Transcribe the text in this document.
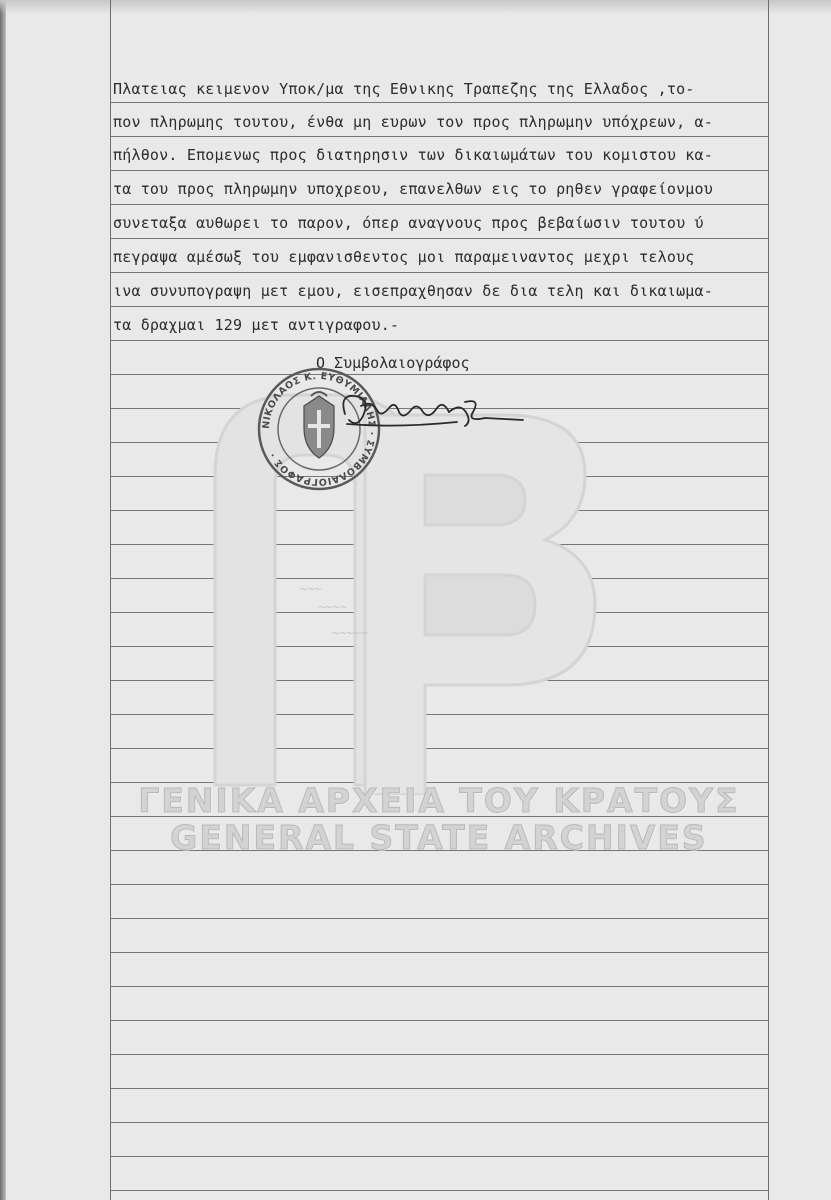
ΓΕΝΙΚΑ ΑΡΧΕΙΑ ΤΟΥ ΚΡΑΤΟΥΣ
GENERAL STATE ARCHIVES
Πλατειας κειμενον Υποκ/μα της Εθνικης Τραπεζης της Ελλαδος ,το-
πον πληρωμης τουτου, ένθα μη ευρων τον προς πληρωμην υπόχρεων, α-
πήλθον. Επομενως προς διατηρησιν των δικαιωμάτων του κομιστου κα-
τα του προς πληρωμην υποχρεου, επανελθων εις το ρηθεν γραφείονμου
συνεταξα αυθωρει το παρον, όπερ αναγνους προς βεβαίωσιν τουτου ύ
πεγραψα αμέσωξ του εμφανισθεντος μοι παραμειναντος μεχρι τελους
ινα συνυπογραψη μετ εμου, εισεπραχθησαν δε δια τελη και δικαιωμα-
τα δραχμαι 129 μετ αντιγραφου.-
Ο Συμβολαιογράφος
ΝΙΚΟΛΑΟΣ Κ. ΕΥΘΥΜΙΑΔΗΣ · ΣΥΜΒΟΛΑΙΟΓΡΑΦΟΣ ·
~~~
~~~~
~~~~~
